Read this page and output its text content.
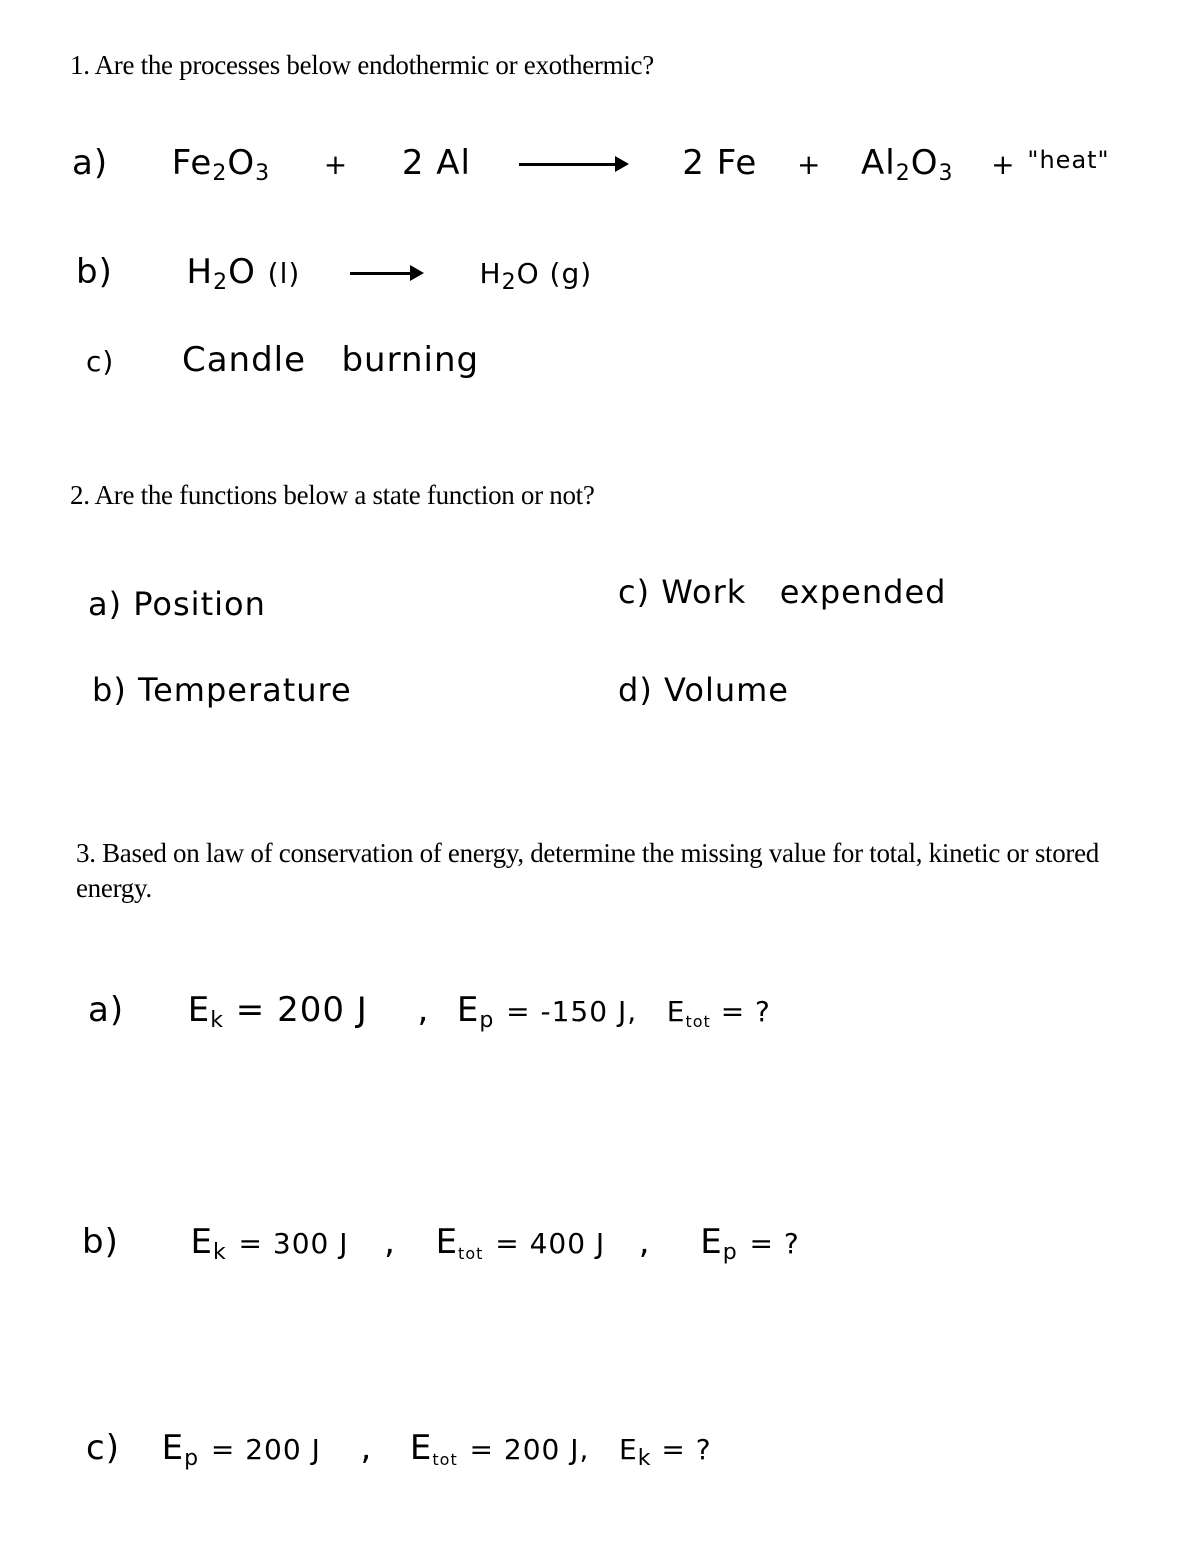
1. Are the processes below endothermic or exothermic?
a) $Fe_2O_3 + 2$ Al	2 $Fe + Al_2O_3$ + "heat"
b) $H_2O$ (l)	$H_2O$ (g)
c) Candle   burning
2. Are the functions below a state function or not?
a) Position
b) Temperature
c) Work   expended
d) Volume
3. Based on law of conservation of energy, determine the missing value for total, kinetic or stored energy.
a) $E_k = 200$ J , $E_p = -150$ J, $E_{tot}$ = ?
b) $E_k = 300$ J , $E_{tot} = 400$ J , $E_p$ = ?
c) $E_p = 200$ J , $E_{tot} = 200$ J, $E_k$ = ?
